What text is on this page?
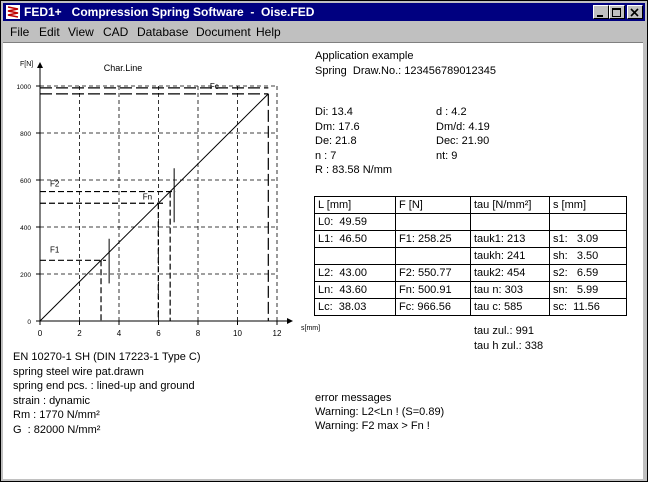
FED1+   Compression Spring Software  -  Oise.FED
File Edit View CAD Database Document Help
0	2	4	6	8	10	12
0
200
400
600
800
1000
s[mm]
F[N]	Char.Line
F1
F2
Fn
Fc
Application example
Spring  Draw.No.: 123456789012345
Di: 13.4
Dm: 17.6
De: 21.8
n : 7
R : 83.58 N/mm
d : 4.2
Dm/d: 4.19
Dec: 21.90
nt: 9
L [mm]	F [N]	tau [N/mm²]	s [mm]
L0:  49.59			
L1:  46.50	F1: 258.25	tauk1: 213	s1:   3.09
		taukh: 241	sh:   3.50
L2:  43.00	F2: 550.77	tauk2: 454	s2:   6.59
Ln:  43.60	Fn: 500.91	tau n: 303	sn:   5.99
Lc:  38.03	Fc: 966.56	tau c: 585	sc:  11.56
tau zul.: 991
tau h zul.: 338
EN 10270-1 SH (DIN 17223-1 Type C)
spring steel wire pat.drawn
spring end pcs. : lined-up and ground
strain : dynamic
Rm : 1770 N/mm²
G  : 82000 N/mm²
error messages
Warning: L2<Ln ! (S=0.89)
Warning: F2 max > Fn !
